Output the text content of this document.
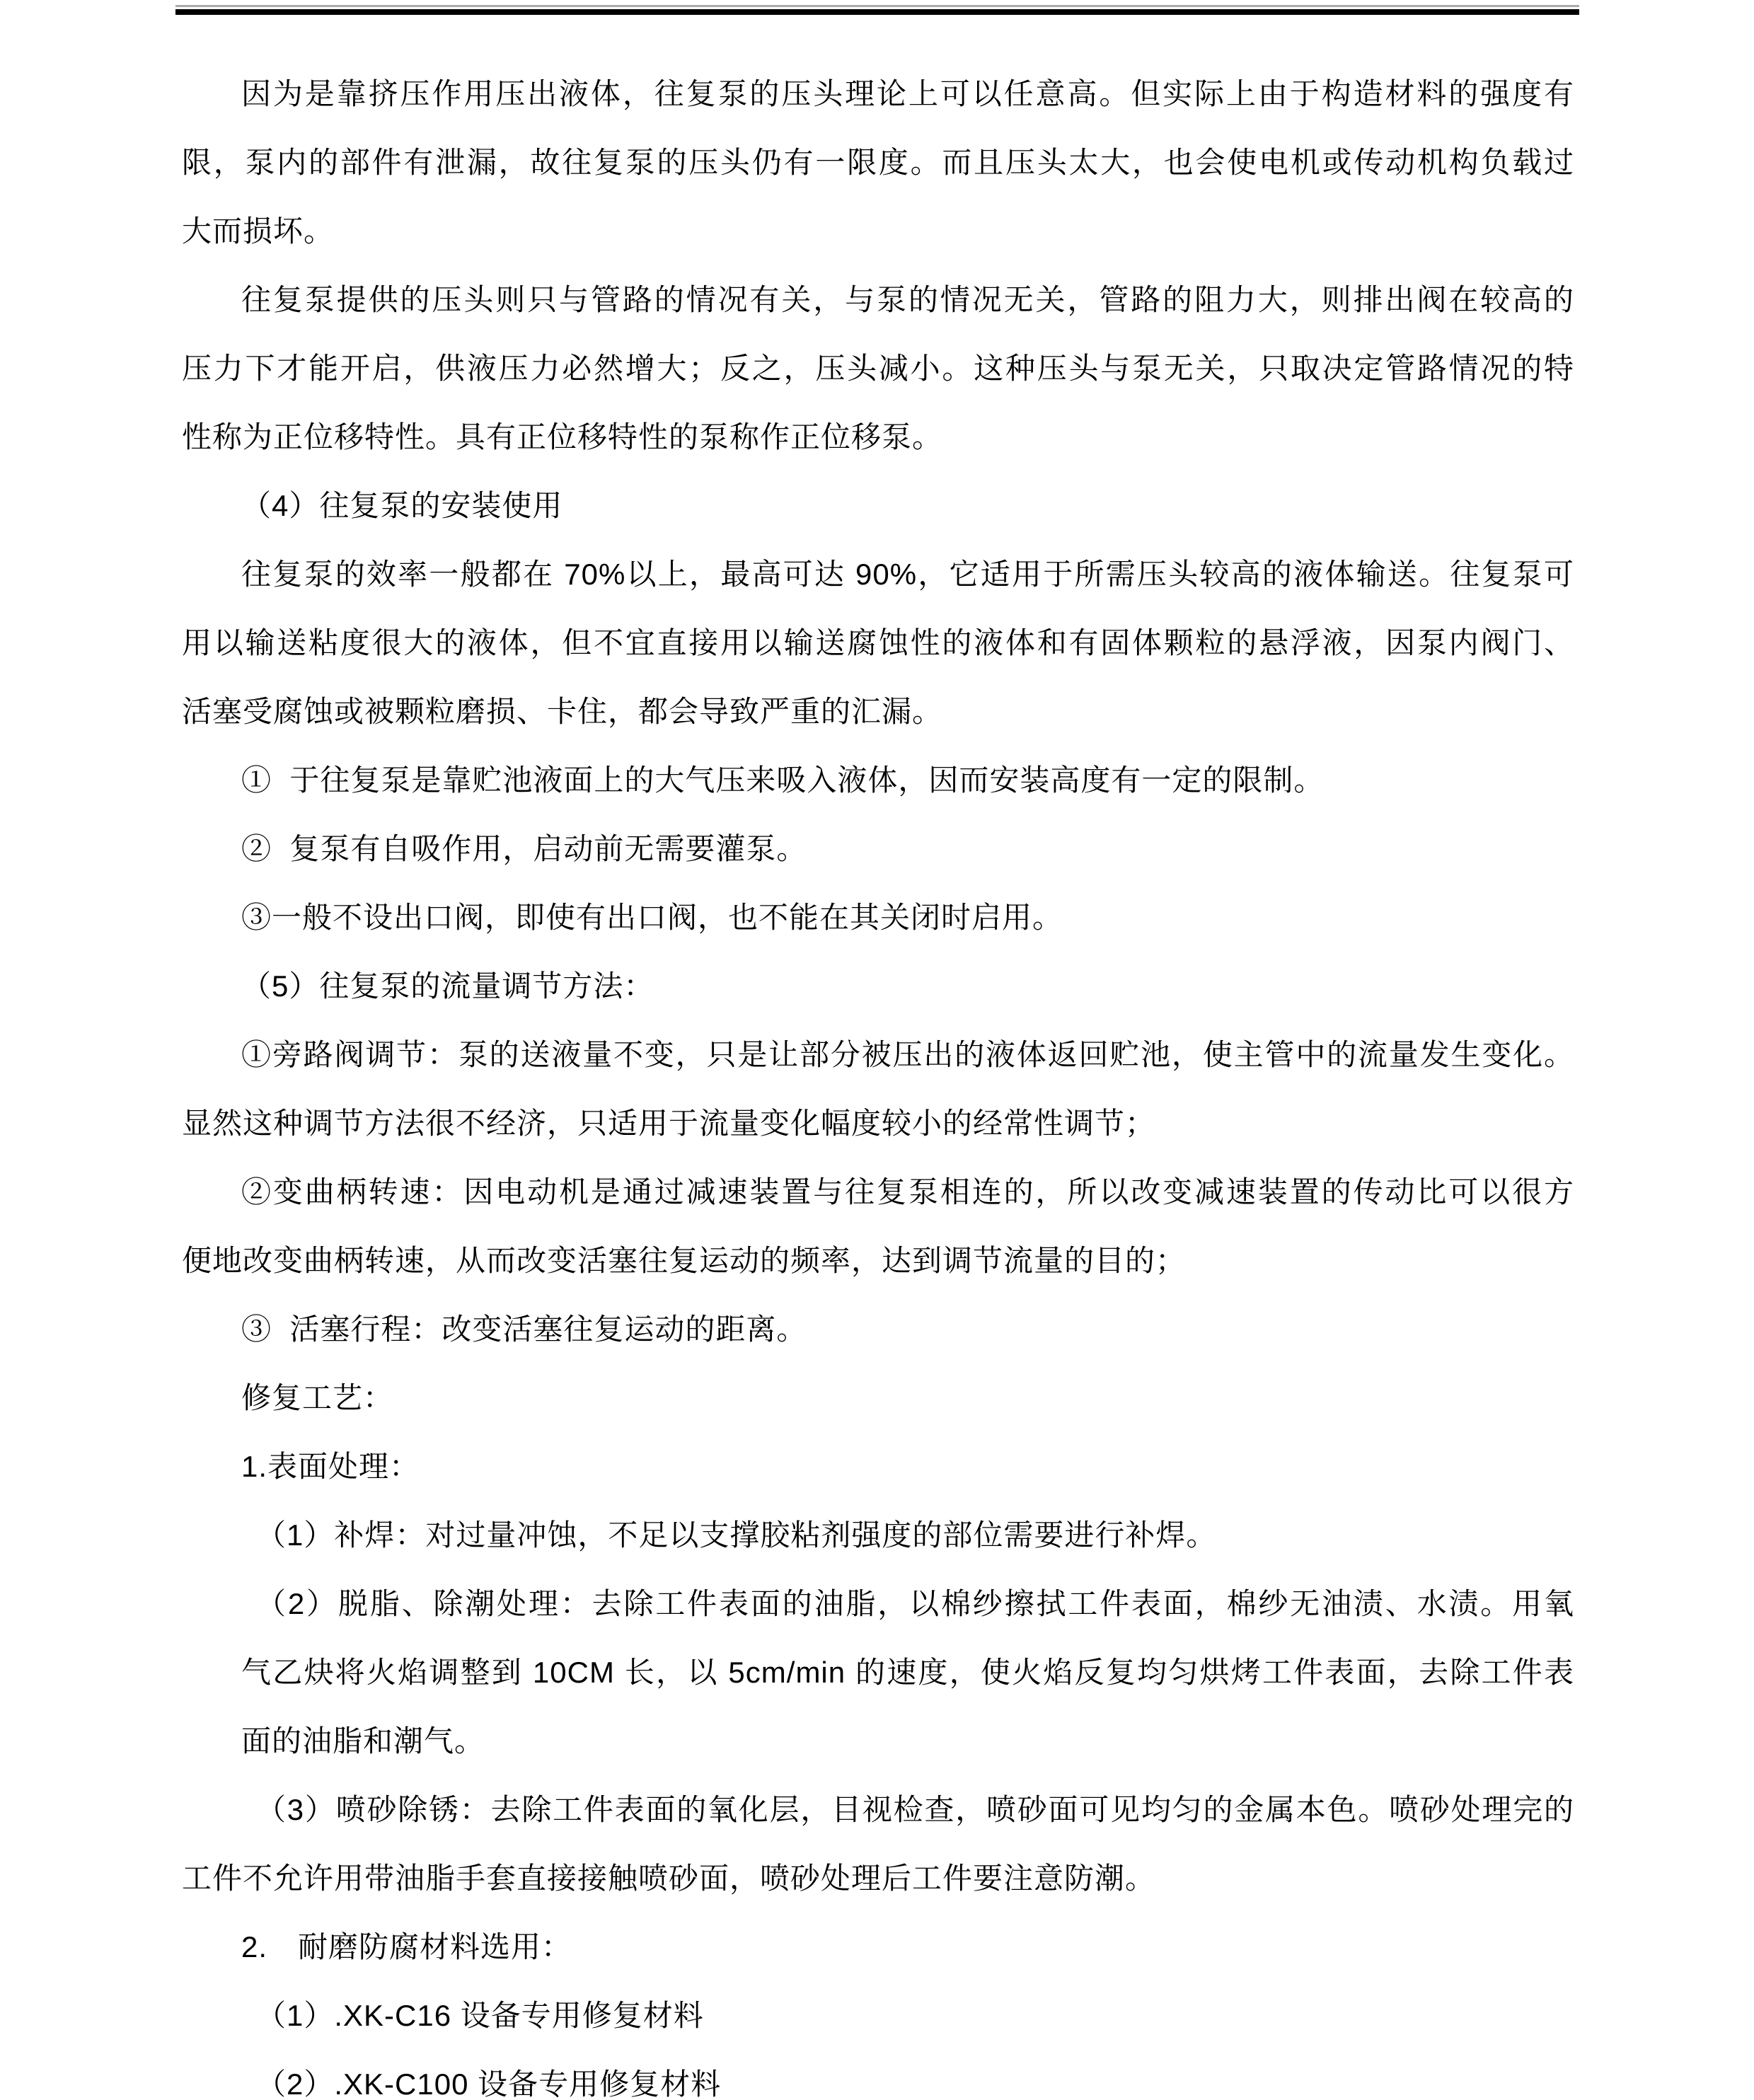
因为是靠挤压作用压出液体，往复泵的压头理论上可以任意高。但实际上由于构造材料的强度有
限，泵内的部件有泄漏，故往复泵的压头仍有一限度。而且压头太大，也会使电机或传动机构负载过
大而损坏。
往复泵提供的压头则只与管路的情况有关，与泵的情况无关，管路的阻力大，则排出阀在较高的
压力下才能开启，供液压力必然增大；反之，压头减小。这种压头与泵无关，只取决定管路情况的特
性称为正位移特性。具有正位移特性的泵称作正位移泵。
（4）往复泵的安装使用
往复泵的效率一般都在 70%以上，最高可达 90%，它适用于所需压头较高的液体输送。往复泵可
用以输送粘度很大的液体，但不宜直接用以输送腐蚀性的液体和有固体颗粒的悬浮液，因泵内阀门、
活塞受腐蚀或被颗粒磨损、卡住，都会导致严重的汇漏。
①  于往复泵是靠贮池液面上的大气压来吸入液体，因而安装高度有一定的限制。
②  复泵有自吸作用，启动前无需要灌泵。
③一般不设出口阀，即使有出口阀，也不能在其关闭时启用。
（5）往复泵的流量调节方法：
①旁路阀调节：泵的送液量不变，只是让部分被压出的液体返回贮池，使主管中的流量发生变化。
显然这种调节方法很不经济，只适用于流量变化幅度较小的经常性调节；
②变曲柄转速：因电动机是通过减速装置与往复泵相连的，所以改变减速装置的传动比可以很方
便地改变曲柄转速，从而改变活塞往复运动的频率，达到调节流量的目的；
③  活塞行程：改变活塞往复运动的距离。
修复工艺：
1.表面处理：
（1）补焊：对过量冲蚀，不足以支撑胶粘剂强度的部位需要进行补焊。
（2）脱脂、除潮处理：去除工件表面的油脂，以棉纱擦拭工件表面，棉纱无油渍、水渍。用氧
气乙炔将火焰调整到 10CM 长，以 5cm/min 的速度，使火焰反复均匀烘烤工件表面，去除工件表
面的油脂和潮气。
（3）喷砂除锈：去除工件表面的氧化层，目视检查，喷砂面可见均匀的金属本色。喷砂处理完的
工件不允许用带油脂手套直接接触喷砂面，喷砂处理后工件要注意防潮。
2.　耐磨防腐材料选用：
（1）.XK-C16 设备专用修复材料
（2）.XK-C100 设备专用修复材料
